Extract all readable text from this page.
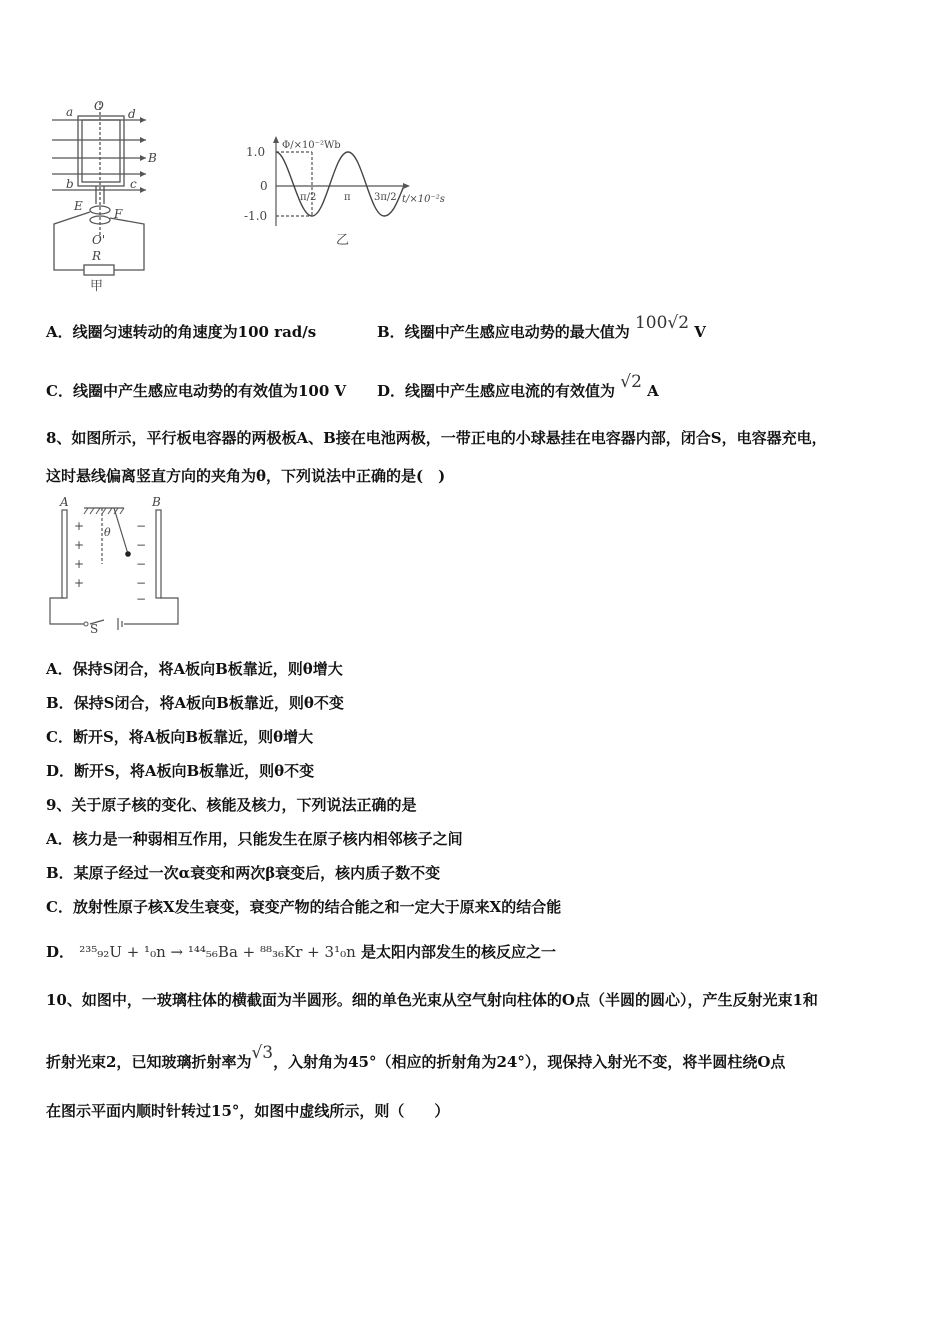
a O
d
B
b	c
E
F
O'
R
甲
Φ/×10⁻²Wb
1.0
0
-1.0
π/2	π 3π/2 t/×10⁻²s
乙
A．线圈匀速转动的角速度为100 rad/s	B．线圈中产生感应电动势的最大值为 100√2 V
C．线圈中产生感应电动势的有效值为100 V D．线圈中产生感应电流的有效值为 √2 A
8、如图所示，平行板电容器的两极板A、B接在电池两极，一带正电的小球悬挂在电容器内部，闭合S，电容器充电，
这时悬线偏离竖直方向的夹角为θ，下列说法中正确的是(　)
A	B
θ
+
+
+
+
−
−
−
−
−
S
A．保持S闭合，将A板向B板靠近，则θ增大
B．保持S闭合，将A板向B板靠近，则θ不变
C．断开S，将A板向B板靠近，则θ增大
D．断开S，将A板向B板靠近，则θ不变
9、关于原子核的变化、核能及核力，下列说法正确的是
A．核力是一种弱相互作用，只能发生在原子核内相邻核子之间
B．某原子经过一次α衰变和两次β衰变后，核内质子数不变
C．放射性原子核X发生衰变，衰变产物的结合能之和一定大于原来X的结合能
D． ²³⁵₉₂U + ¹₀n → ¹⁴⁴₅₆Ba + ⁸⁸₃₆Kr + 3¹₀n 是太阳内部发生的核反应之一
10、如图中，一玻璃柱体的横截面为半圆形。细的单色光束从空气射向柱体的O点（半圆的圆心），产生反射光束1和
折射光束2，已知玻璃折射率为√3，入射角为45°（相应的折射角为24°），现保持入射光不变，将半圆柱绕O点
在图示平面内顺时针转过15°，如图中虚线所示，则（　　）
